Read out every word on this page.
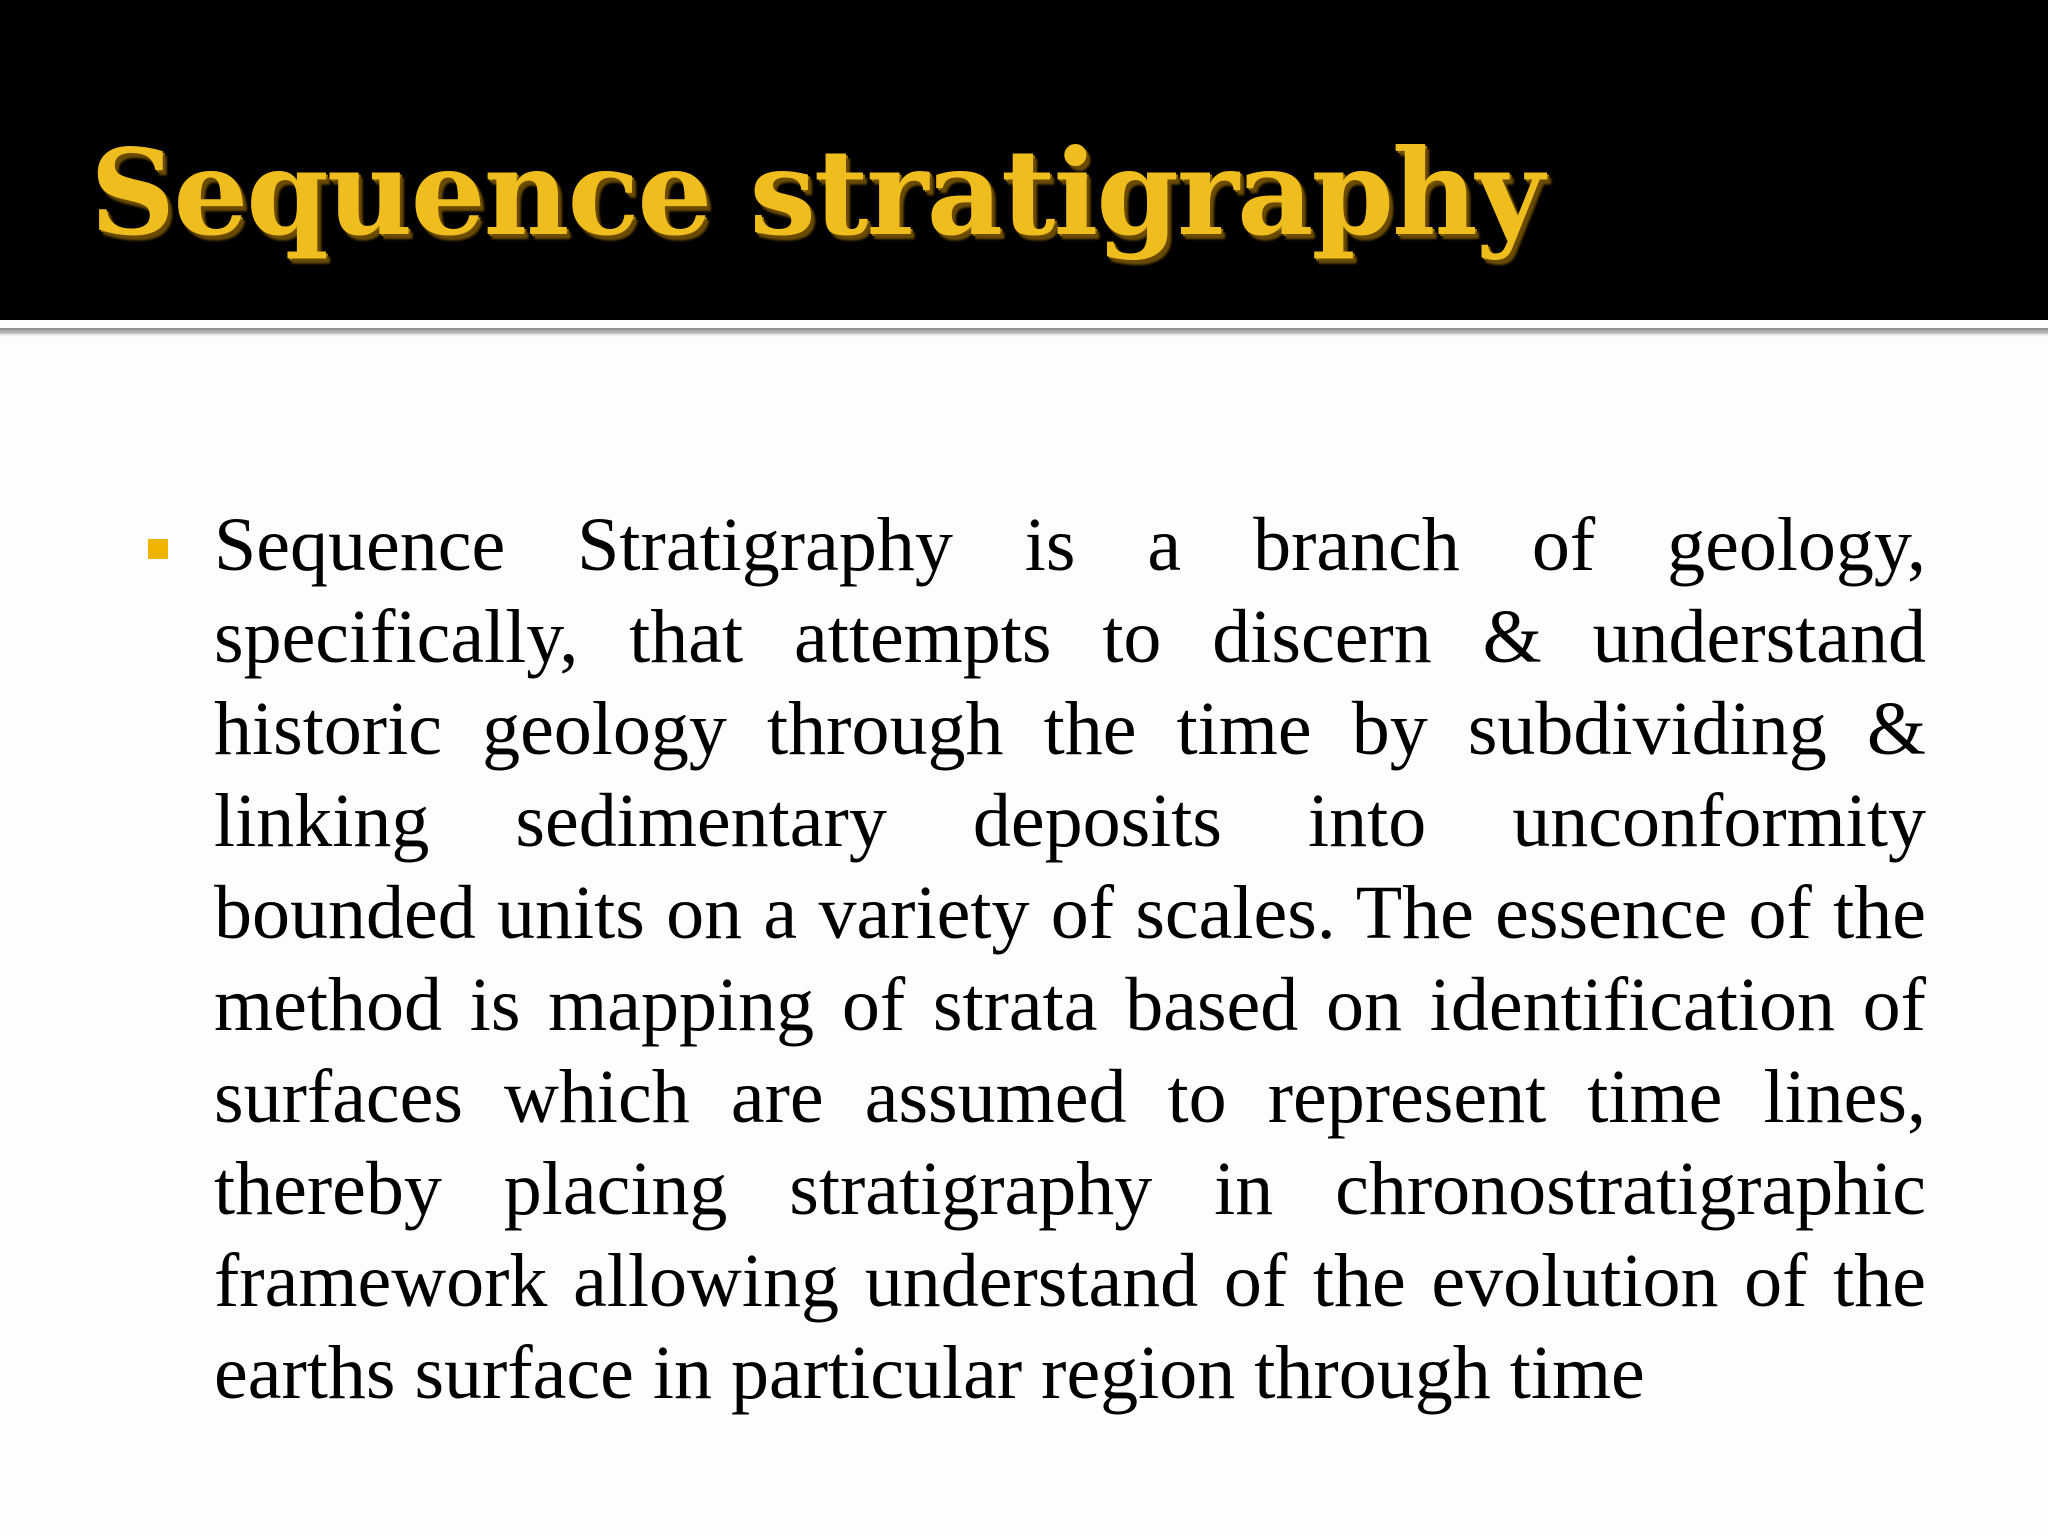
Sequence stratigraphy

Sequence Stratigraphy is a branch of geology, specifically, that attempts to discern & understand historic geology through the time by subdividing & linking sedimentary deposits into unconformity bounded units on a variety of scales. The essence of the method is mapping of strata based on identification of surfaces which are assumed to represent time lines, thereby placing stratigraphy in chronostratigraphic framework allowing understand of the evolution of the earths surface in particular region through time
